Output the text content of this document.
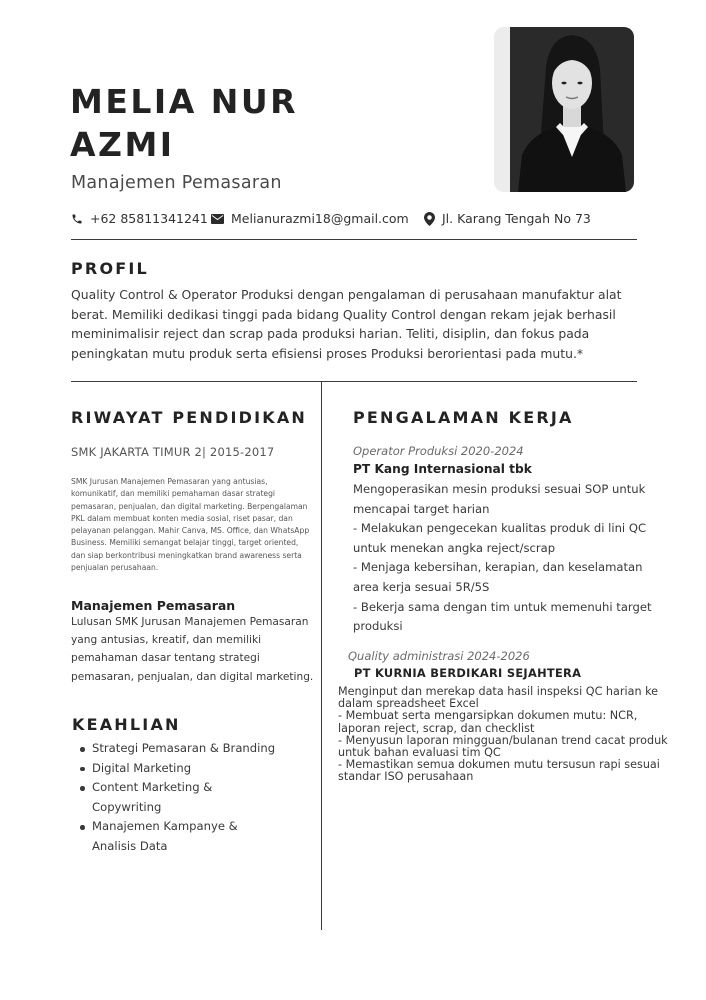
MELIA NUR
AZMI
Manajemen Pemasaran
+62 85811341241 Melianurazmi18@gmail.com	Jl. Karang Tengah No 73
PROFIL
Quality Control & Operator Produksi dengan pengalaman di perusahaan manufaktur alat berat. Memiliki dedikasi tinggi pada bidang Quality Control dengan rekam jejak berhasil meminimalisir reject dan scrap pada produksi harian. Teliti, disiplin, dan fokus pada peningkatan mutu produk serta efisiensi proses Produksi berorientasi pada mutu.*
RIWAYAT PENDIDIKAN
SMK JAKARTA TIMUR 2| 2015-2017
SMK Jurusan Manajemen Pemasaran yang antusias, komunikatif, dan memiliki pemahaman dasar strategi pemasaran, penjualan, dan digital marketing. Berpengalaman PKL dalam membuat konten media sosial, riset pasar, dan pelayanan pelanggan. Mahir Canva, MS. Office, dan WhatsApp Business. Memiliki semangat belajar tinggi, target oriented, dan siap berkontribusi meningkatkan brand awareness serta penjualan perusahaan.
Manajemen Pemasaran
Lulusan SMK Jurusan Manajemen Pemasaran yang antusias, kreatif, dan memiliki pemahaman dasar tentang strategi pemasaran, penjualan, dan digital marketing.
KEAHLIAN
Strategi Pemasaran & Branding
Digital Marketing
Content Marketing & Copywriting
Manajemen Kampanye & Analisis Data
PENGALAMAN KERJA
Operator Produksi 2020-2024
PT Kang Internasional tbk
Mengoperasikan mesin produksi sesuai SOP untuk mencapai target harian
- Melakukan pengecekan kualitas produk di lini QC untuk menekan angka reject/scrap
- Menjaga kebersihan, kerapian, dan keselamatan area kerja sesuai 5R/5S
- Bekerja sama dengan tim untuk memenuhi target produksi
Quality administrasi 2024-2026
PT KURNIA BERDIKARI SEJAHTERA
Menginput dan merekap data hasil inspeksi QC harian ke dalam spreadsheet Excel
- Membuat serta mengarsipkan dokumen mutu: NCR, laporan reject, scrap, dan checklist
- Menyusun laporan mingguan/bulanan trend cacat produk untuk bahan evaluasi tim QC
- Memastikan semua dokumen mutu tersusun rapi sesuai standar ISO perusahaan
